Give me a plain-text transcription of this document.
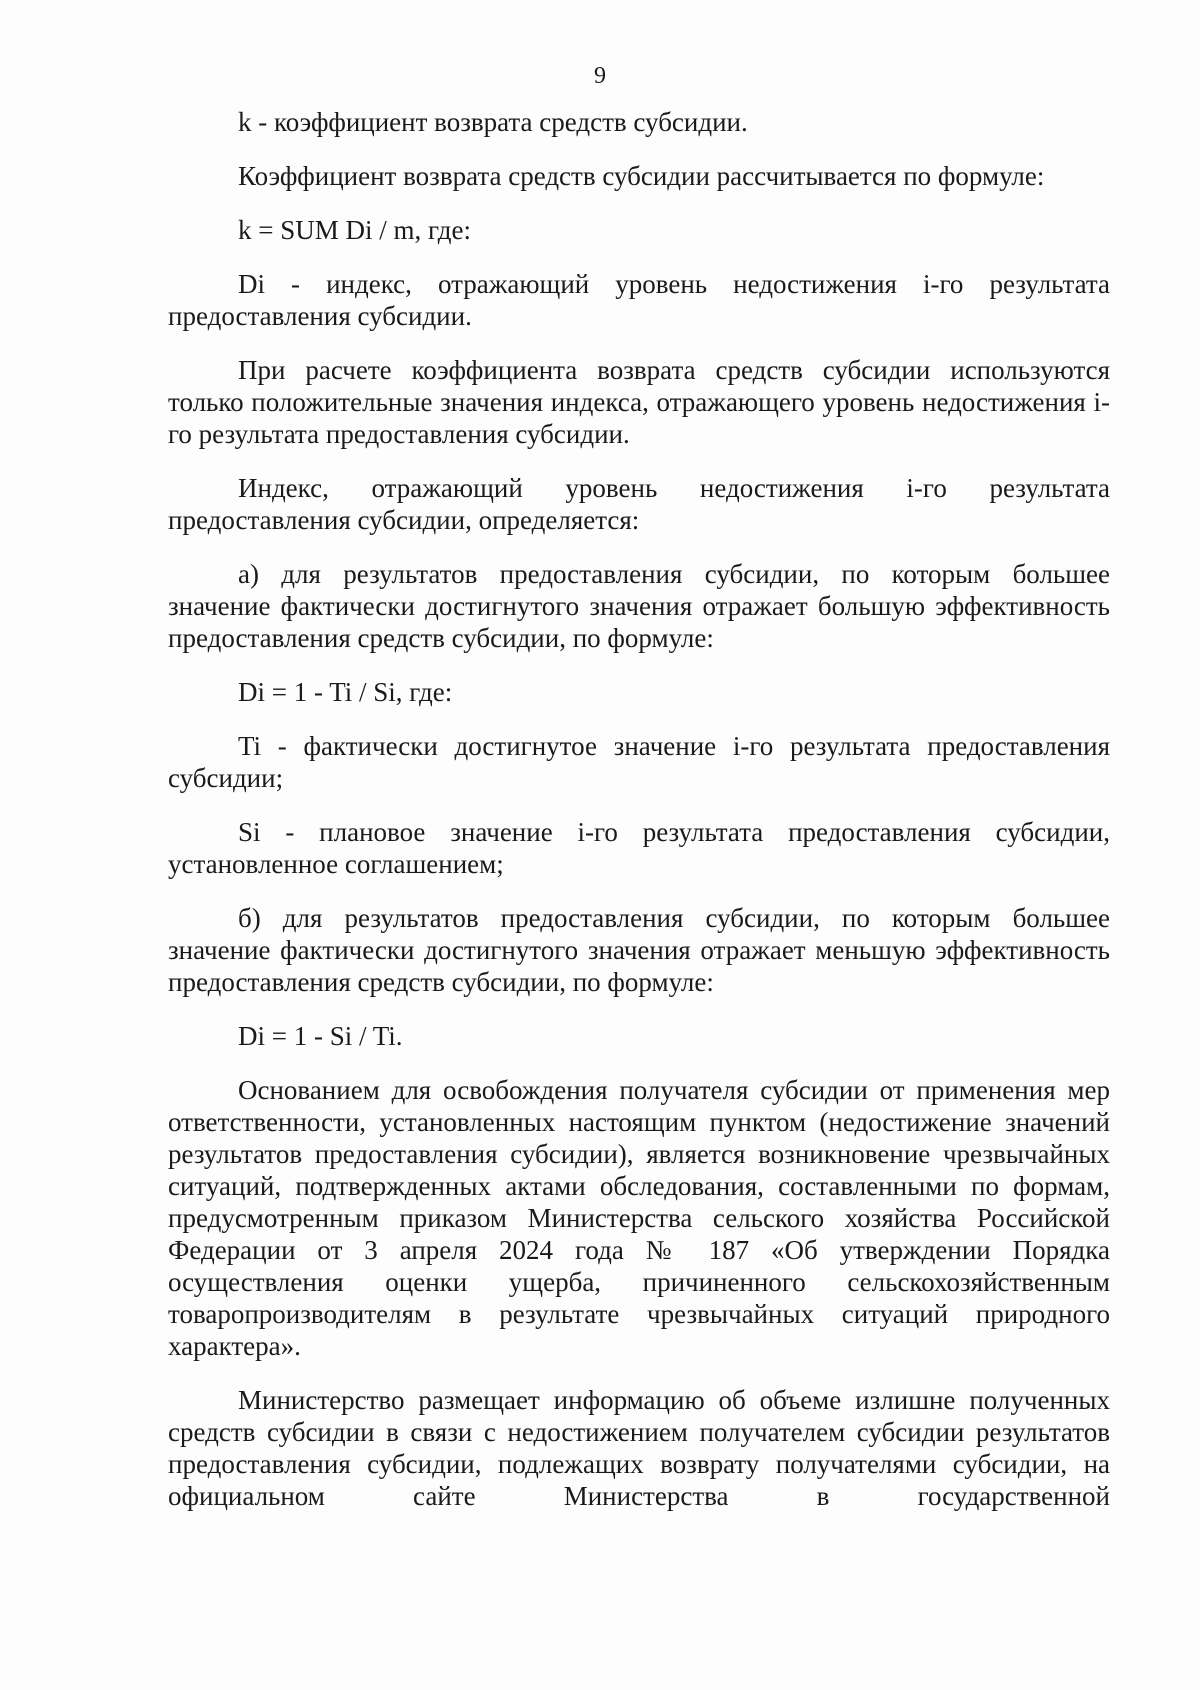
9

k - коэффициент возврата средств субсидии.

Коэффициент возврата средств субсидии рассчитывается по формуле:

k = SUM Di / m, где:

Di - индекс, отражающий уровень недостижения i-го результата предоставления субсидии.

При расчете коэффициента возврата средств субсидии используются только положительные значения индекса, отражающего уровень недостижения i-го результата предоставления субсидии.

Индекс, отражающий уровень недостижения i-го результата предоставления субсидии, определяется:

а) для результатов предоставления субсидии, по которым большее значение фактически достигнутого значения отражает большую эффективность предоставления средств субсидии, по формуле:

Di = 1 - Ti / Si, где:

Ti - фактически достигнутое значение i-го результата предоставления субсидии;

Si - плановое значение i-го результата предоставления субсидии, установленное соглашением;

б) для результатов предоставления субсидии, по которым большее значение фактически достигнутого значения отражает меньшую эффективность предоставления средств субсидии, по формуле:

Di = 1 - Si / Ti.

Основанием для освобождения получателя субсидии от применения мер ответственности, установленных настоящим пунктом (недостижение значений результатов предоставления субсидии), является возникновение чрезвычайных ситуаций, подтвержденных актами обследования, составленными по формам, предусмотренным приказом Министерства сельского хозяйства Российской Федерации от 3 апреля 2024 года № 187 «Об утверждении Порядка осуществления оценки ущерба, причиненного сельскохозяйственным товаропроизводителям в результате чрезвычайных ситуаций природного характера».

Министерство размещает информацию об объеме излишне полученных средств субсидии в связи с недостижением получателем субсидии результатов предоставления субсидии, подлежащих возврату получателями субсидии, на официальном сайте Министерства в государственной
